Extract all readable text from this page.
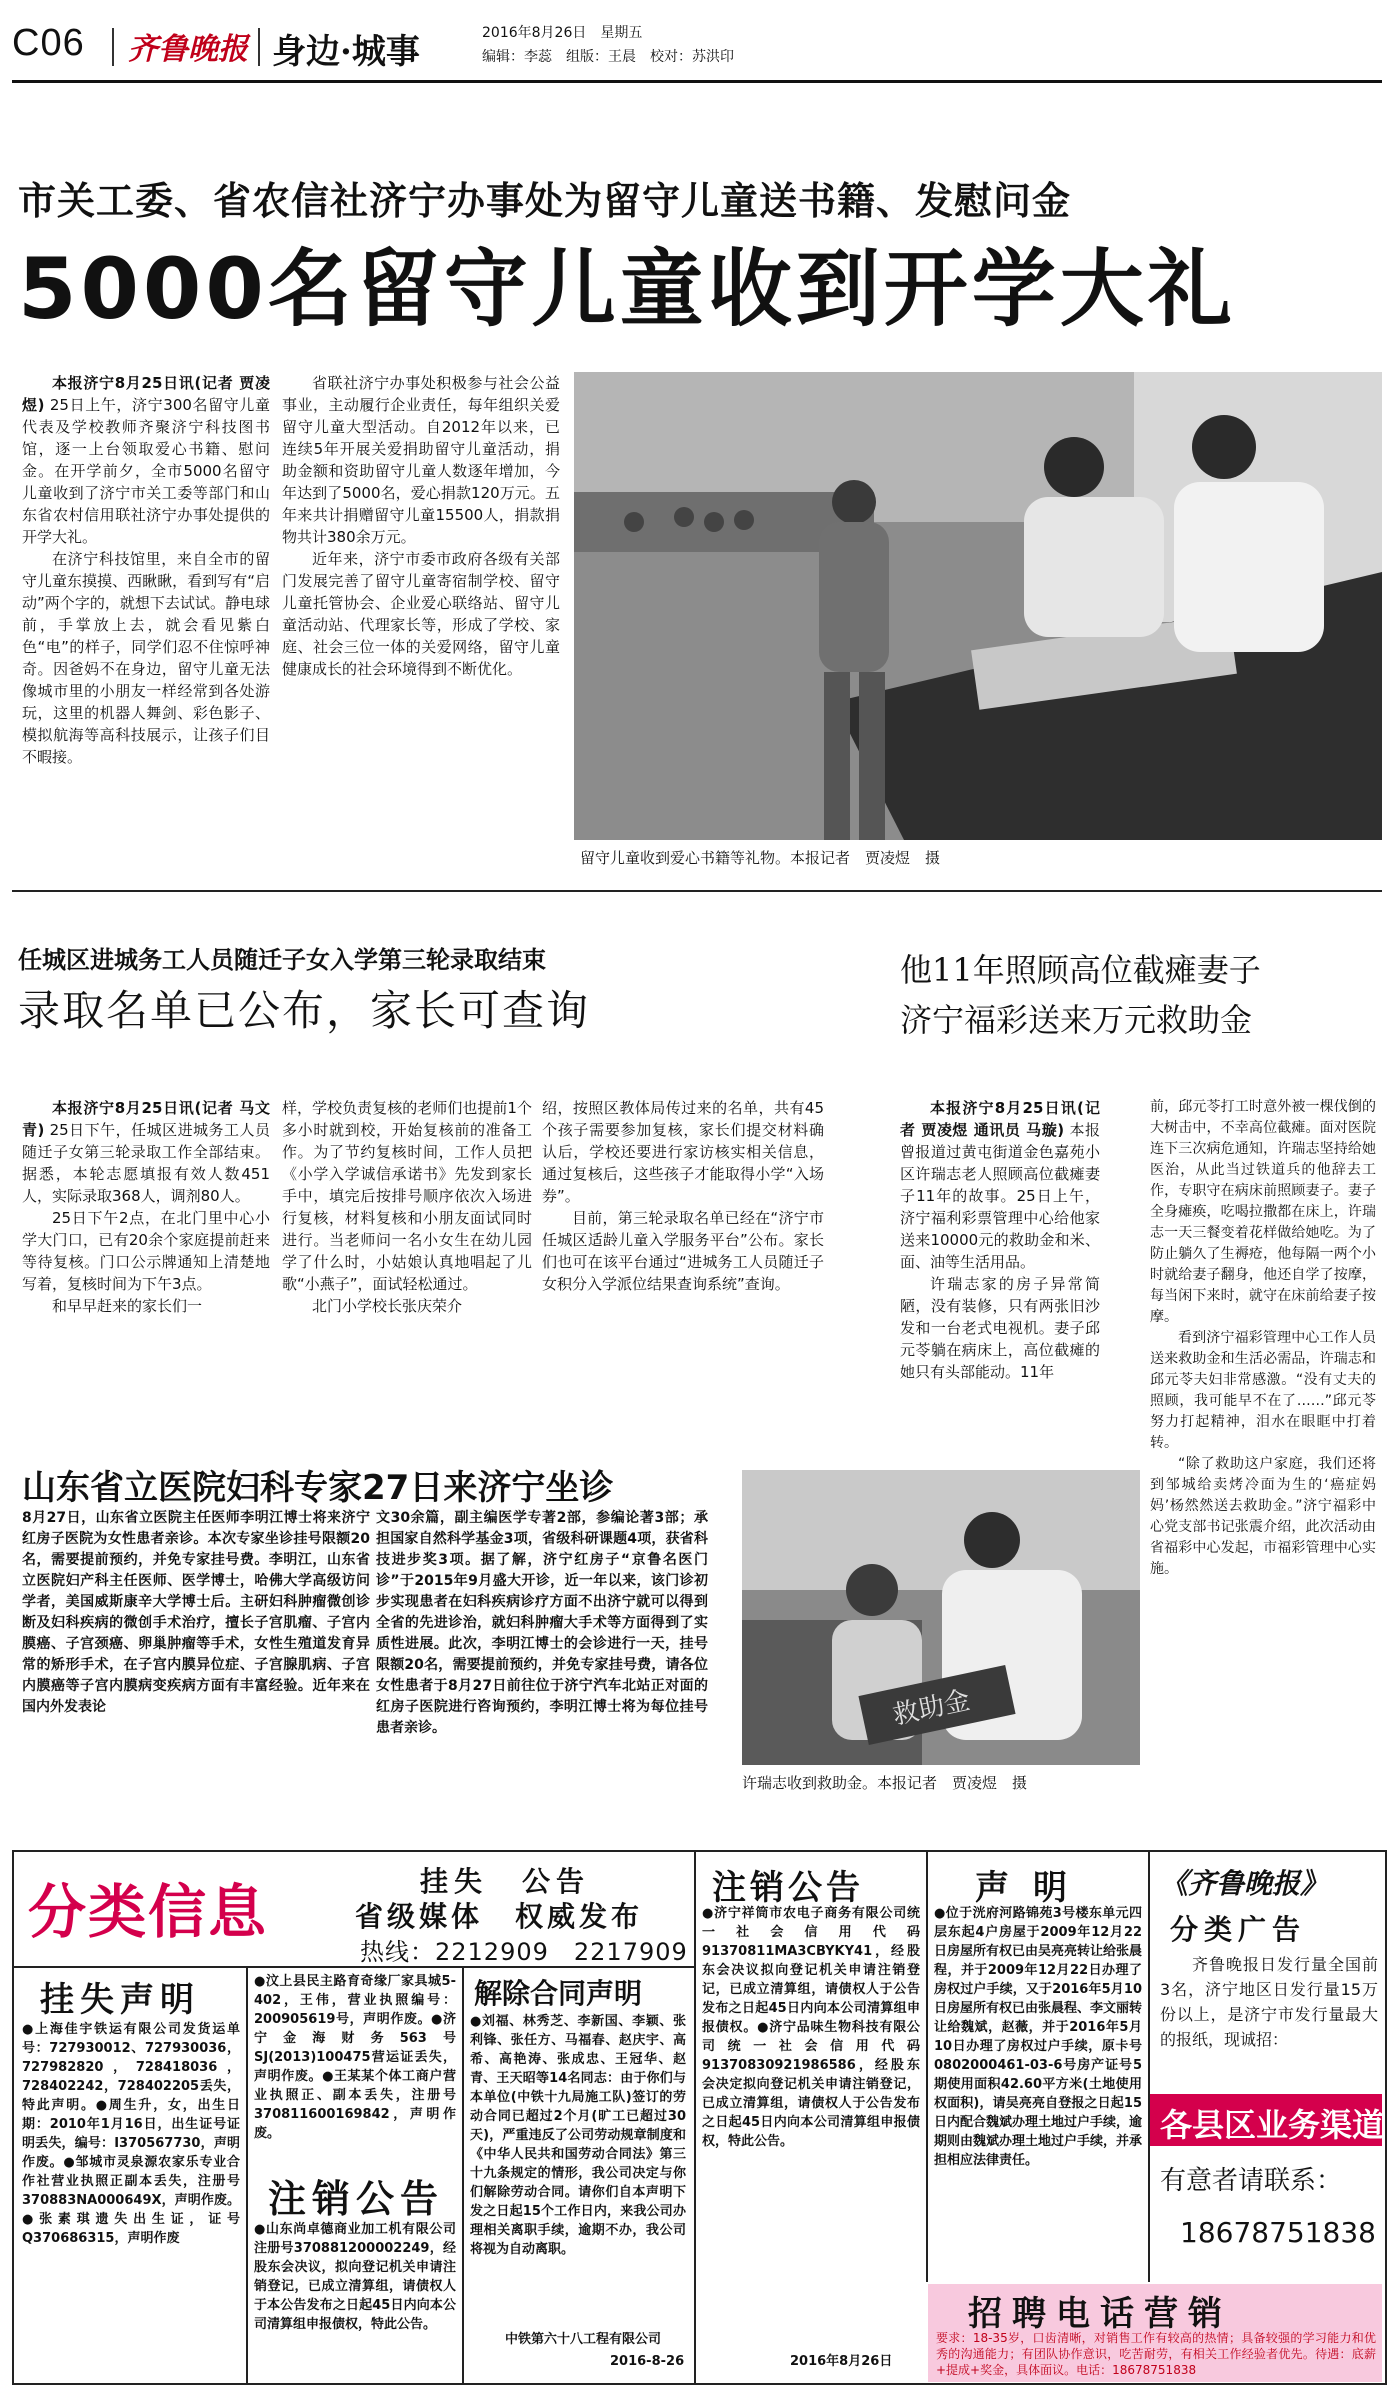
C06 齐鲁晚报 身边·城事	2016年8月26日　星期五
编辑：李蕊　组版：王晨　校对：苏洪印
市关工委、省农信社济宁办事处为留守儿童送书籍、发慰问金
5000名留守儿童收到开学大礼

本报济宁8月25日讯(记者 贾凌煜) 25日上午，济宁300名留守儿童代表及学校教师齐聚济宁科技图书馆，逐一上台领取爱心书籍、慰问金。在开学前夕，全市5000名留守儿童收到了济宁市关工委等部门和山东省农村信用联社济宁办事处提供的开学大礼。

在济宁科技馆里，来自全市的留守儿童东摸摸、西瞅瞅，看到写有“启动”两个字的，就想下去试试。静电球前，手掌放上去，就会看见紫白色“电”的样子，同学们忍不住惊呼神奇。因爸妈不在身边，留守儿童无法像城市里的小朋友一样经常到各处游玩，这里的机器人舞剑、彩色影子、模拟航海等高科技展示，让孩子们目不暇接。

省联社济宁办事处积极参与社会公益事业，主动履行企业责任，每年组织关爱留守儿童大型活动。自2012年以来，已连续5年开展关爱捐助留守儿童活动，捐助金额和资助留守儿童人数逐年增加，今年达到了5000名，爱心捐款120万元。五年来共计捐赠留守儿童15500人，捐款捐物共计380余万元。

近年来，济宁市委市政府各级有关部门发展完善了留守儿童寄宿制学校、留守儿童托管协会、企业爱心联络站、留守儿童活动站、代理家长等，形成了学校、家庭、社会三位一体的关爱网络，留守儿童健康成长的社会环境得到不断优化。

留守儿童收到爱心书籍等礼物。本报记者　贾凌煜　摄
任城区进城务工人员随迁子女入学第三轮录取结束
录取名单已公布，家长可查询

本报济宁8月25日讯(记者 马文青) 25日下午，任城区进城务工人员随迁子女第三轮录取工作全部结束。据悉，本轮志愿填报有效人数451人，实际录取368人，调剂80人。

25日下午2点，在北门里中心小学大门口，已有20余个家庭提前赶来等待复核。门口公示牌通知上清楚地写着，复核时间为下午3点。

和早早赶来的家长们一

样，学校负责复核的老师们也提前1个多小时就到校，开始复核前的准备工作。为了节约复核时间，工作人员把《小学入学诚信承诺书》先发到家长手中，填完后按排号顺序依次入场进行复核，材料复核和小朋友面试同时进行。当老师问一名小女生在幼儿园学了什么时，小姑娘认真地唱起了儿歌“小燕子”，面试轻松通过。

北门小学校长张庆荣介

绍，按照区教体局传过来的名单，共有45个孩子需要参加复核，家长们提交材料确认后，学校还要进行家访核实相关信息，通过复核后，这些孩子才能取得小学“入场券”。

目前，第三轮录取名单已经在“济宁市任城区适龄儿童入学服务平台”公布。家长们也可在该平台通过“进城务工人员随迁子女积分入学派位结果查询系统”查询。

他11年照顾高位截瘫妻子
济宁福彩送来万元救助金

本报济宁8月25日讯(记者 贾凌煜 通讯员 马璇) 本报曾报道过黄屯街道金色嘉苑小区许瑞志老人照顾高位截瘫妻子11年的故事。25日上午，济宁福利彩票管理中心给他家送来10000元的救助金和米、面、油等生活用品。

许瑞志家的房子异常简陋，没有装修，只有两张旧沙发和一台老式电视机。妻子邱元苓躺在病床上，高位截瘫的她只有头部能动。11年

前，邱元苓打工时意外被一棵伐倒的大树击中，不幸高位截瘫。面对医院连下三次病危通知，许瑞志坚持给她医治，从此当过铁道兵的他辞去工作，专职守在病床前照顾妻子。妻子全身瘫痪，吃喝拉撒都在床上，许瑞志一天三餐变着花样做给她吃。为了防止躺久了生褥疮，他每隔一两个小时就给妻子翻身，他还自学了按摩，每当闲下来时，就守在床前给妻子按摩。

看到济宁福彩管理中心工作人员送来救助金和生活必需品，许瑞志和邱元苓夫妇非常感激。“没有丈夫的照顾，我可能早不在了……”邱元苓努力打起精神，泪水在眼眶中打着转。

“除了救助这户家庭，我们还将到邹城给卖烤冷面为生的‘癌症妈妈’杨然然送去救助金。”济宁福彩中心党支部书记张震介绍，此次活动由省福彩中心发起，市福彩管理中心实施。

救助金
许瑞志收到救助金。本报记者　贾凌煜　摄
山东省立医院妇科专家27日来济宁坐诊
8月27日，山东省立医院主任医师李明江博士将来济宁红房子医院为女性患者亲诊。本次专家坐诊挂号限额20名，需要提前预约，并免专家挂号费。李明江，山东省立医院妇产科主任医师、医学博士，哈佛大学高级访问学者，美国威斯康辛大学博士后。主研妇科肿瘤微创诊断及妇科疾病的微创手术治疗，擅长子宫肌瘤、子宫内膜癌、子宫颈癌、卵巢肿瘤等手术，女性生殖道发育异常的矫形手术，在子宫内膜异位症、子宫腺肌病、子宫内膜癌等子宫内膜病变疾病方面有丰富经验。近年来在国内外发表论
文30余篇，副主编医学专著2部，参编论著3部；承担国家自然科学基金3项，省级科研课题4项，获省科技进步奖3项。据了解，济宁红房子“京鲁名医门诊”于2015年9月盛大开诊，近一年以来，该门诊初步实现患者在妇科疾病诊疗方面不出济宁就可以得到全省的先进诊治，就妇科肿瘤大手术等方面得到了实质性进展。此次，李明江博士的会诊进行一天，挂号限额20名，需要提前预约，并免专家挂号费，请各位女性患者于8月27日前往位于济宁汽车北站正对面的红房子医院进行咨询预约，李明江博士将为每位挂号患者亲诊。
分类信息	挂失　公告
省级媒体　权威发布
热线：2212909　2217909
挂失声明
●上海佳宇铁运有限公司发货运单号：727930012、727930036，727982820，728418036，728402242，728402205丢失，特此声明。●周生升，女，出生日期：2010年1月16日，出生证号证明丢失，编号：I370567730，声明作废。●邹城市灵泉源农家乐专业合作社营业执照正副本丢失，注册号370883NA000649X，声明作废。●张素琪遗失出生证，证号Q370686315，声明作废
●汶上县民主路育奇缘厂家具城5-402，王伟，营业执照编号：200905619号，声明作废。●济宁金海财务563号SJ(2013)100475营运证丢失，声明作废。●王某某个体工商户营业执照正、副本丢失，注册号370811600169842，声明作废。
注销公告
●山东尚卓德商业加工机有限公司注册号370881200002249，经股东会决议，拟向登记机关申请注销登记，已成立清算组，请债权人于本公告发布之日起45日内向本公司清算组申报债权，特此公告。
解除合同声明
●刘福、林秀芝、李新国、李颖、张利锋、张任方、马福春、赵庆宇、高希、高艳涛、张成忠、王冠华、赵青、王天昭等14名同志：由于你们与本单位(中铁十九局施工队)签订的劳动合同已超过2个月(旷工已超过30天)，严重违反了公司劳动规章制度和《中华人民共和国劳动合同法》第三十九条规定的情形，我公司决定与你们解除劳动合同。请你们自本声明下发之日起15个工作日内，来我公司办理相关离职手续，逾期不办，我公司将视为自动离职。
中铁第六十八工程有限公司
2016-8-26
注销公告
●济宁祥筒市农电子商务有限公司统一社会信用代码91370811MA3CBYKY41，经股东会决议拟向登记机关申请注销登记，已成立清算组，请债权人于公告发布之日起45日内向本公司清算组申报债权。●济宁品味生物科技有限公司统一社会信用代码91370830921986586，经股东会决定拟向登记机关申请注销登记，已成立清算组，请债权人于公告发布之日起45日内向本公司清算组申报债权，特此公告。
2016年8月26日
声明
●位于洸府河路锦苑3号楼东单元四层东起4户房屋于2009年12月22日房屋所有权已由吴亮亮转让给张晨程，并于2009年12月22日办理了房权过户手续，又于2016年5月10日房屋所有权已由张晨程、李文丽转让给魏斌，赵薇，并于2016年5月10日办理了房权过户手续，原卡号0802000461-03-6号房产证号5期使用面积42.60平方米(土地使用权面积)，请吴亮亮自登报之日起15日内配合魏斌办理土地过户手续，逾期则由魏斌办理土地过户手续，并承担相应法律责任。
《齐鲁晚报》
分类广告
齐鲁晚报日发行量全国前3名，济宁地区日发行量15万份以上，是济宁市发行量最大的报纸，现诚招：
各县区业务渠道
有意者请联系：
18678751838
招聘电话营销
要求：18-35岁，口齿清晰，对销售工作有较高的热情；具备较强的学习能力和优秀的沟通能力；有团队协作意识，吃苦耐劳，有相关工作经验者优先。待遇：底薪+提成+奖金，具体面议。电话：18678751838
